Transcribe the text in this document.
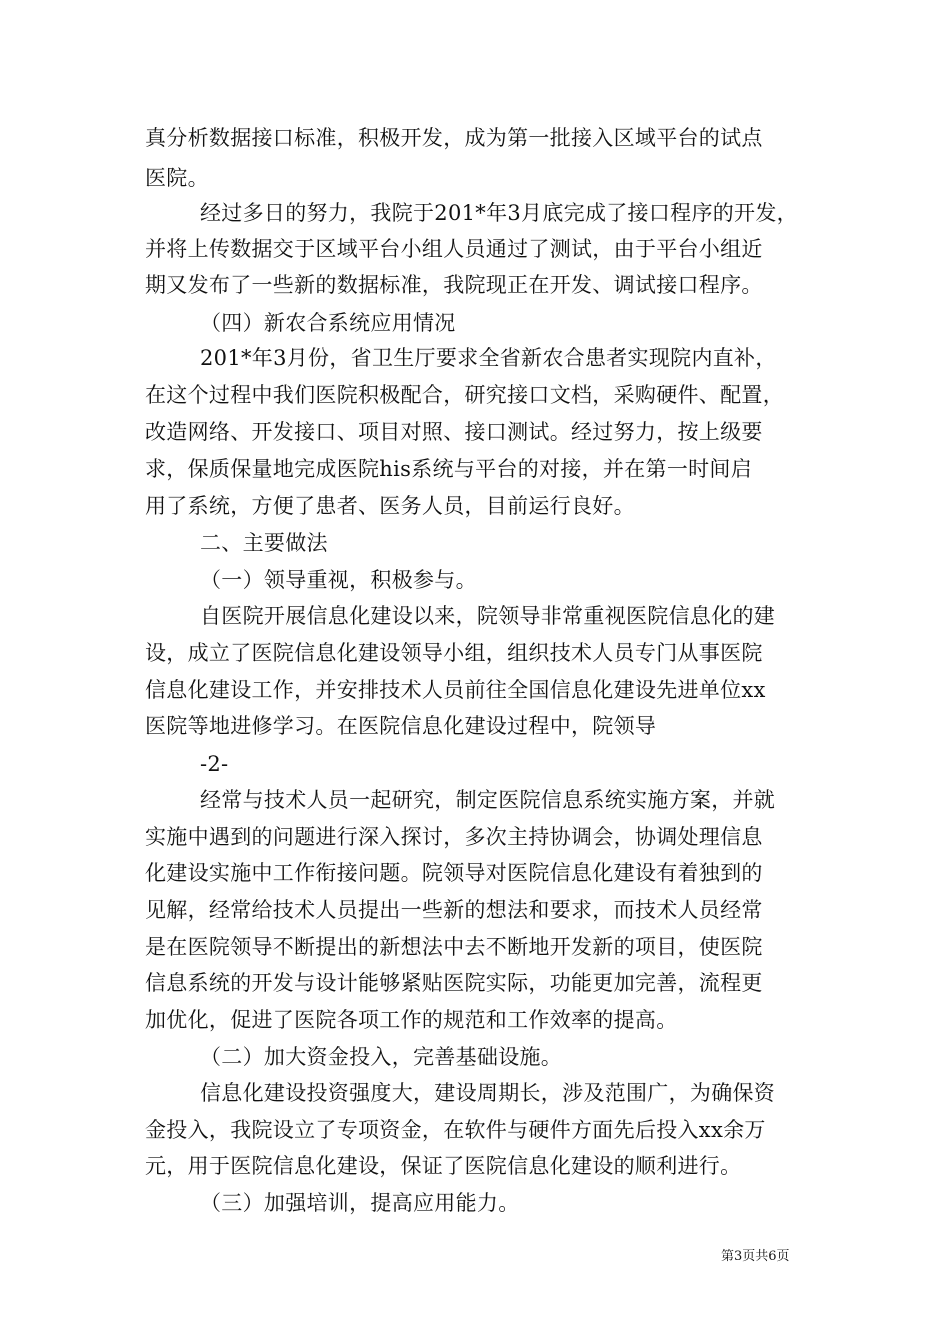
真分析数据接口标准，积极开发，成为第一批接入区域平台的试点
医院。
经过多日的努力，我院于201*年3月底完成了接口程序的开发，
并将上传数据交于区域平台小组人员通过了测试，由于平台小组近
期又发布了一些新的数据标准，我院现正在开发、调试接口程序。
（四）新农合系统应用情况
201*年3月份，省卫生厅要求全省新农合患者实现院内直补，
在这个过程中我们医院积极配合，研究接口文档，采购硬件、配置，
改造网络、开发接口、项目对照、接口测试。经过努力，按上级要
求，保质保量地完成医院his系统与平台的对接，并在第一时间启
用了系统，方便了患者、医务人员，目前运行良好。
二、主要做法
（一）领导重视，积极参与。
自医院开展信息化建设以来，院领导非常重视医院信息化的建
设，成立了医院信息化建设领导小组，组织技术人员专门从事医院
信息化建设工作，并安排技术人员前往全国信息化建设先进单位xx
医院等地进修学习。在医院信息化建设过程中，院领导
-2-
经常与技术人员一起研究，制定医院信息系统实施方案，并就
实施中遇到的问题进行深入探讨，多次主持协调会，协调处理信息
化建设实施中工作衔接问题。院领导对医院信息化建设有着独到的
见解，经常给技术人员提出一些新的想法和要求，而技术人员经常
是在医院领导不断提出的新想法中去不断地开发新的项目，使医院
信息系统的开发与设计能够紧贴医院实际，功能更加完善，流程更
加优化，促进了医院各项工作的规范和工作效率的提高。
（二）加大资金投入，完善基础设施。
信息化建设投资强度大，建设周期长，涉及范围广，为确保资
金投入，我院设立了专项资金，在软件与硬件方面先后投入xx余万
元，用于医院信息化建设，保证了医院信息化建设的顺利进行。
（三）加强培训，提高应用能力。
第3页共6页
